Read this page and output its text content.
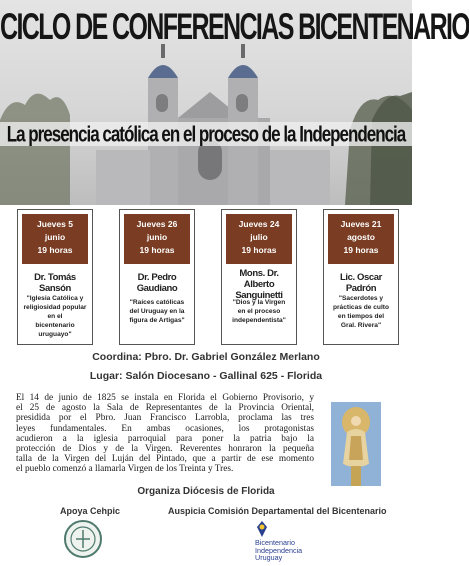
CICLO DE CONFERENCIAS BICENTENARIO
La presencia católica en el proceso de la Independencia
Jueves 5
junio
19 horas
Dr. Tomás Sansón
"Iglesia Católica y
religiosidad popular
en el
bicentenario uruguayo"
Jueves 26
junio
19 horas
Dr. Pedro Gaudiano
"Raíces católicas
del Uruguay en la
figura de Artigas"
Jueves 24
julio
19 horas
Mons. Dr.
Alberto Sanguinetti
"Dios y la Virgen
en el proceso
independentista"
Jueves 21
agosto
19 horas
Lic. Oscar Padrón
"Sacerdotes y
prácticas de culto
en tiempos del
Gral. Rivera"
Coordina: Pbro. Dr. Gabriel González Merlano
Lugar: Salón Diocesano - Gallinal 625 - Florida
El 14 de junio de 1825 se instala en Florida el Gobierno Provisorio, y
el 25 de agosto la Sala de Representantes de la Provincia Oriental,
presidida por el Pbro. Juan Francisco Larrobla, proclama las tres
leyes fundamentales. En ambas ocasiones, los protagonistas
acudieron a la iglesia parroquial para poner la patria bajo la
protección de Dios y de la Virgen. Reverentes honraron la pequeña
talla de la Virgen del Luján del Pintado, que a partir de ese momento
el pueblo comenzó a llamarla Virgen de los Treinta y Tres.
Organiza Diócesis de Florida
Apoya Cehpic	Auspicia Comisión Departamental del Bicentenario
Bicentenario
Independencia
Uruguay
